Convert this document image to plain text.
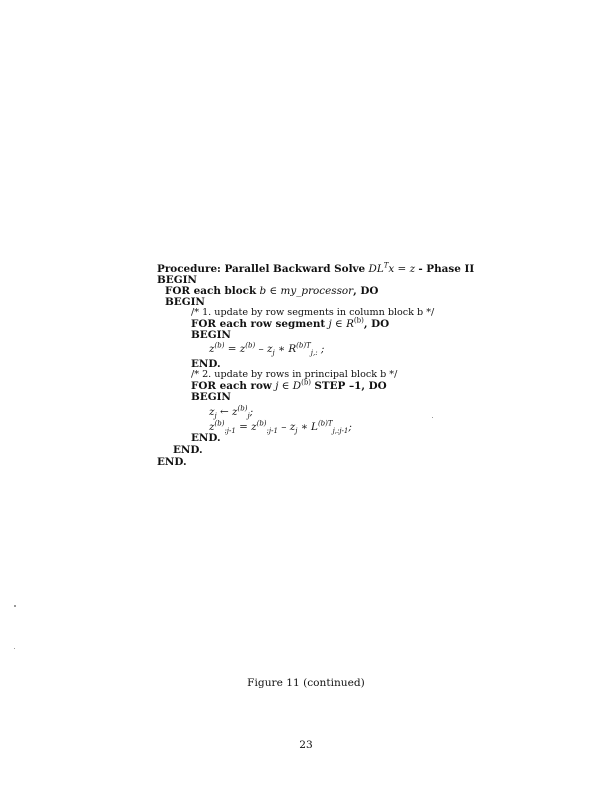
Procedure: Parallel Backward Solve $DL^Tx = z$ - Phase II
BEGIN
FOR each block b ∈ my_processor, DO
BEGIN
/* 1. update by row segments in column block b */
FOR each row segment j ∈ $R^{(b)}$, DO
BEGIN
$z^{(b)} = z^{(b)} - z_j$ ∗ $R^{(b)T}_{j,:}$ ;
END.
/* 2. update by rows in principal block b */
FOR each row j ∈ $D^{(b)}$ STEP –1, DO
BEGIN
$z_j$ ← $z^{(b)}_j$;
$z^{(b)}_{:j-1} = z^{(b)}_{:j-1} - z_j$ ∗ $L^{(b)T}_{j,:j-1}$;
END.
END.
END.
Figure 11 (continued)
23
